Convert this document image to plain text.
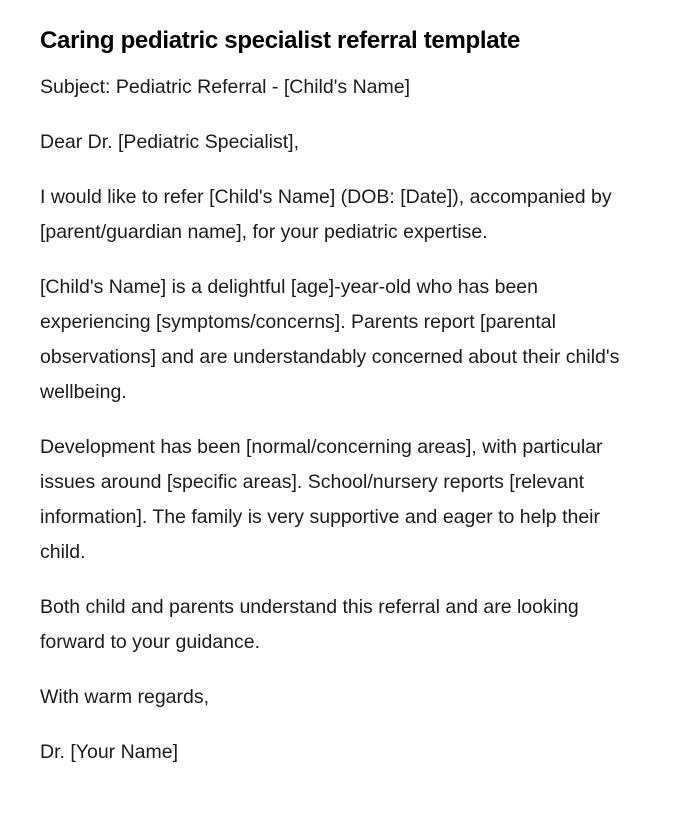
Caring pediatric specialist referral template

Subject: Pediatric Referral - [Child's Name]

Dear Dr. [Pediatric Specialist],

I would like to refer [Child's Name] (DOB: [Date]), accompanied by [parent/guardian name], for your pediatric expertise.

[Child's Name] is a delightful [age]-year-old who has been experiencing [symptoms/concerns]. Parents report [parental observations] and are understandably concerned about their child's wellbeing.

Development has been [normal/concerning areas], with particular issues around [specific areas]. School/nursery reports [relevant information]. The family is very supportive and eager to help their child.

Both child and parents understand this referral and are looking forward to your guidance.

With warm regards,

Dr. [Your Name]
